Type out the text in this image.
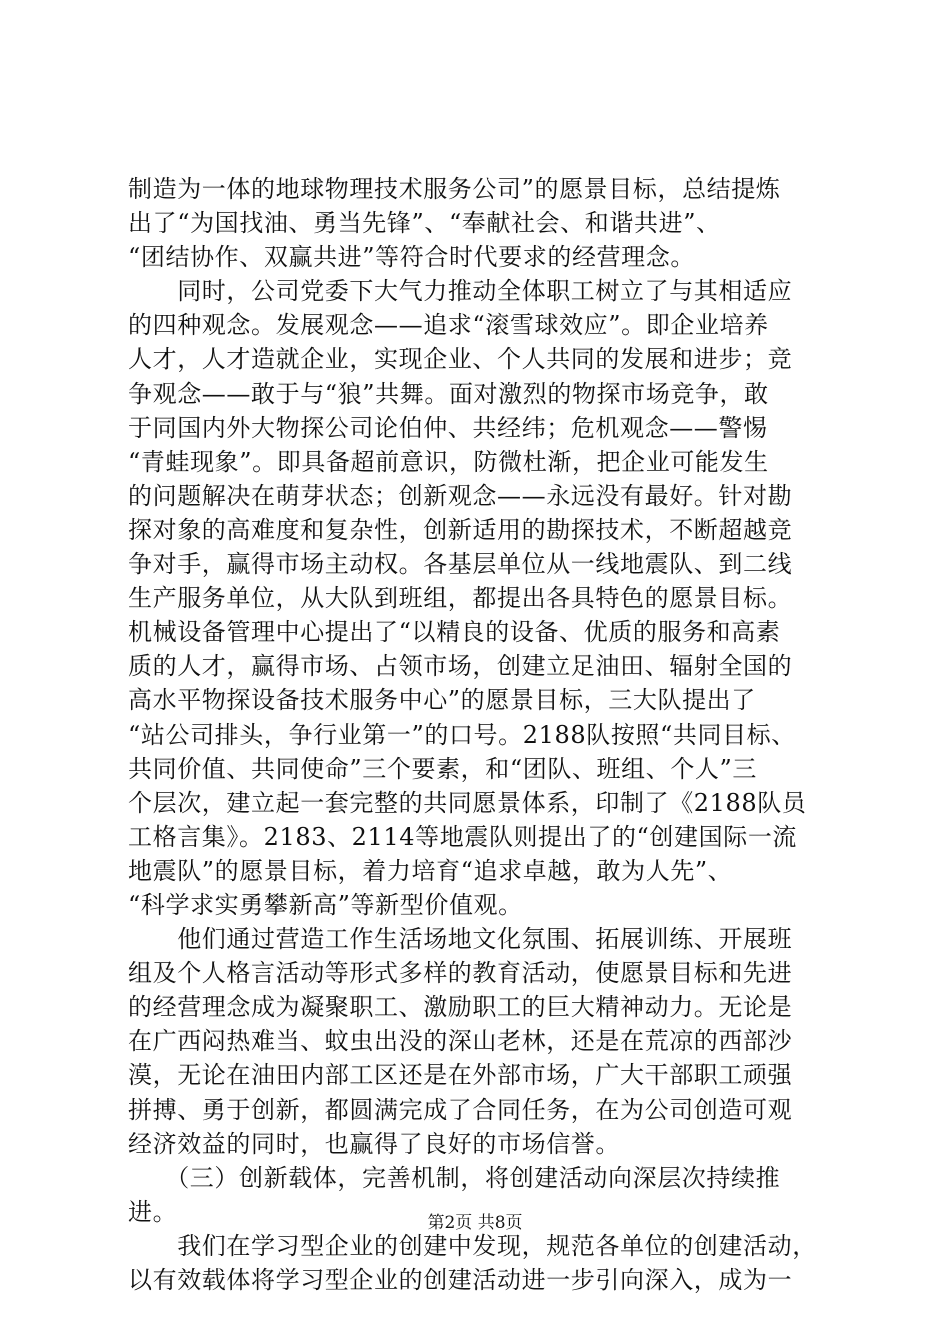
制造为一体的地球物理技术服务公司”的愿景目标，总结提炼
出了“为国找油、勇当先锋”、“奉献社会、和谐共进”、
“团结协作、双赢共进”等符合时代要求的经营理念。
　　同时，公司党委下大气力推动全体职工树立了与其相适应
的四种观念。发展观念——追求“滚雪球效应”。即企业培养
人才，人才造就企业，实现企业、个人共同的发展和进步；竞
争观念——敢于与“狼”共舞。面对激烈的物探市场竞争，敢
于同国内外大物探公司论伯仲、共经纬；危机观念——警惕
“青蛙现象”。即具备超前意识，防微杜渐，把企业可能发生
的问题解决在萌芽状态；创新观念——永远没有最好。针对勘
探对象的高难度和复杂性，创新适用的勘探技术，不断超越竞
争对手，赢得市场主动权。各基层单位从一线地震队、到二线
生产服务单位，从大队到班组，都提出各具特色的愿景目标。
机械设备管理中心提出了“以精良的设备、优质的服务和高素
质的人才，赢得市场、占领市场，创建立足油田、辐射全国的
高水平物探设备技术服务中心”的愿景目标，三大队提出了
“站公司排头，争行业第一”的口号。2188队按照“共同目标、
共同价值、共同使命”三个要素，和“团队、班组、个人”三
个层次，建立起一套完整的共同愿景体系，印制了《2188队员
工格言集》。2183、2114等地震队则提出了的“创建国际一流
地震队”的愿景目标，着力培育“追求卓越，敢为人先”、
“科学求实勇攀新高”等新型价值观。
　　他们通过营造工作生活场地文化氛围、拓展训练、开展班
组及个人格言活动等形式多样的教育活动，使愿景目标和先进
的经营理念成为凝聚职工、激励职工的巨大精神动力。无论是
在广西闷热难当、蚊虫出没的深山老林，还是在荒凉的西部沙
漠，无论在油田内部工区还是在外部市场，广大干部职工顽强
拼搏、勇于创新，都圆满完成了合同任务，在为公司创造可观
经济效益的同时，也赢得了良好的市场信誉。
　　（三）创新载体，完善机制，将创建活动向深层次持续推
进。
　　我们在学习型企业的创建中发现，规范各单位的创建活动，
以有效载体将学习型企业的创建活动进一步引向深入，成为一
第2页 共8页
